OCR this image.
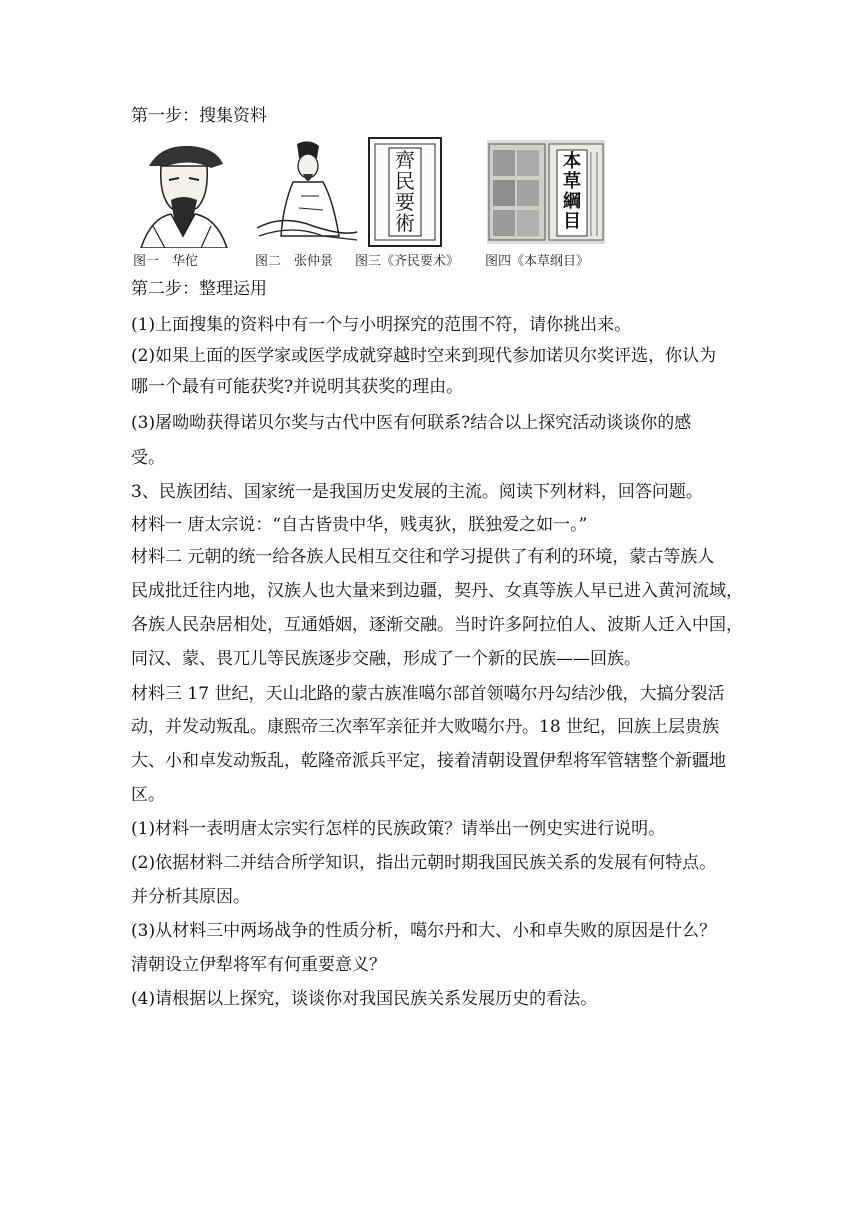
第一步：搜集资料
图一　华佗	图二　张仲景
齊
民
要
術
图三《齐民要术》
本
草
綱
目
图四《本草纲目》
第二步：整理运用
(1)上面搜集的资料中有一个与小明探究的范围不符，请你挑出来。
(2)如果上面的医学家或医学成就穿越时空来到现代参加诺贝尔奖评选，你认为
哪一个最有可能获奖?并说明其获奖的理由。
(3)屠呦呦获得诺贝尔奖与古代中医有何联系?结合以上探究活动谈谈你的感
受。
3、民族团结、国家统一是我国历史发展的主流。阅读下列材料，回答问题。
材料一 唐太宗说：“自古皆贵中华，贱夷狄，朕独爱之如一。”
材料二 元朝的统一给各族人民相互交往和学习提供了有利的环境，蒙古等族人
民成批迁往内地，汉族人也大量来到边疆，契丹、女真等族人早已进入黄河流域，
各族人民杂居相处，互通婚姻，逐渐交融。当时许多阿拉伯人、波斯人迁入中国，
同汉、蒙、畏兀儿等民族逐步交融，形成了一个新的民族——回族。
材料三 17 世纪，天山北路的蒙古族准噶尔部首领噶尔丹勾结沙俄，大搞分裂活
动，并发动叛乱。康熙帝三次率军亲征并大败噶尔丹。18 世纪，回族上层贵族
大、小和卓发动叛乱，乾隆帝派兵平定，接着清朝设置伊犁将军管辖整个新疆地
区。
(1)材料一表明唐太宗实行怎样的民族政策？请举出一例史实进行说明。
(2)依据材料二并结合所学知识，指出元朝时期我国民族关系的发展有何特点。
并分析其原因。
(3)从材料三中两场战争的性质分析，噶尔丹和大、小和卓失败的原因是什么？
清朝设立伊犁将军有何重要意义？
(4)请根据以上探究，谈谈你对我国民族关系发展历史的看法。
